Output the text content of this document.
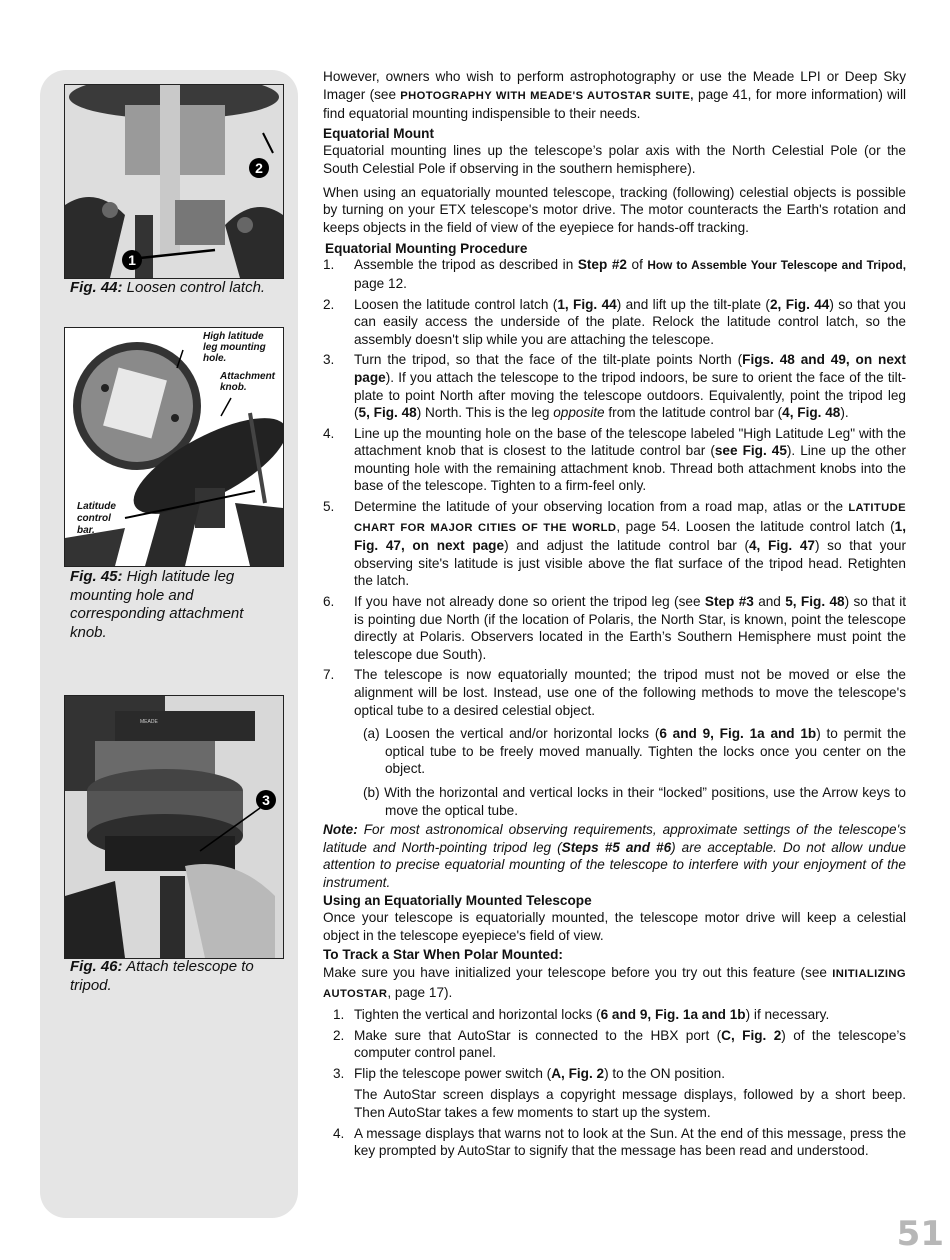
1
2
Fig. 44: Loosen control latch.
High latitude
leg mounting
hole.
Attachment
knob.
Latitude
control
bar.
Fig. 45: High latitude leg mounting hole and corresponding attachment knob.
MEADE
3
Fig. 46: Attach telescope to tripod.

However, owners who wish to perform astrophotography or use the Meade LPI or Deep Sky Imager (see PHOTOGRAPHY WITH MEADE'S AUTOSTAR SUITE, page 41, for more information) will find equatorial mounting indispensible to their needs.

Equatorial Mount

Equatorial mounting lines up the telescope’s polar axis with the North Celestial Pole (or the South Celestial Pole if observing in the southern hemisphere).

When using an equatorially mounted telescope, tracking (following) celestial objects is possible by turning on your ETX telescope's motor drive. The motor counteracts the Earth's rotation and keeps objects in the field of view of the eyepiece for hands-off tracking.

Equatorial Mounting Procedure

1. Assemble the tripod as described in Step #2 of How to Assemble Your Telescope and Tripod, page 12.
2. Loosen the latitude control latch (1, Fig. 44) and lift up the tilt-plate (2, Fig. 44) so that you can easily access the underside of the plate. Relock the latitude control latch, so the assembly doesn't slip while you are attaching the telescope.
3. Turn the tripod, so that the face of the tilt-plate points North (Figs. 48 and 49, on next page). If you attach the telescope to the tripod indoors, be sure to orient the face of the tilt-plate to point North after moving the telescope outdoors. Equivalently, point the tripod leg (5, Fig. 48) North. This is the leg opposite from the latitude control bar (4, Fig. 48).
4. Line up the mounting hole on the base of the telescope labeled "High Latitude Leg" with the attachment knob that is closest to the latitude control bar (see Fig. 45). Line up the other mounting hole with the remaining attachment knob. Thread both attachment knobs into the base of the telescope. Tighten to a firm-feel only.
5. Determine the latitude of your observing location from a road map, atlas or the LATITUDE CHART FOR MAJOR CITIES OF THE WORLD, page 54. Loosen the latitude control latch (1, Fig. 47, on next page) and adjust the latitude control bar (4, Fig. 47) so that your observing site's latitude is just visible above the flat surface of the tripod head. Retighten the latch.
6. If you have not already done so orient the tripod leg (see Step #3 and 5, Fig. 48) so that it is pointing due North (if the location of Polaris, the North Star, is known, point the telescope directly at Polaris. Observers located in the Earth’s Southern Hemisphere must point the telescope due South).
7. The telescope is now equatorially mounted; the tripod must not be moved or else the alignment will be lost. Instead, use one of the following methods to move the telescope's optical tube to a desired celestial object.

(a) Loosen the vertical and/or horizontal locks (6 and 9, Fig. 1a and 1b) to permit the optical tube to be freely moved manually. Tighten the locks once you center on the object.

(b) With the horizontal and vertical locks in their “locked” positions, use the Arrow keys to move the optical tube.

Note: For most astronomical observing requirements, approximate settings of the telescope's latitude and North-pointing tripod leg (Steps #5 and #6) are acceptable. Do not allow undue attention to precise equatorial mounting of the telescope to interfere with your enjoyment of the instrument.

Using an Equatorially Mounted Telescope

Once your telescope is equatorially mounted, the telescope motor drive will keep a celestial object in the telescope eyepiece's field of view.

To Track a Star When Polar Mounted:

Make sure you have initialized your telescope before you try out this feature (see INITIALIZING AUTOSTAR, page 17).

1. Tighten the vertical and horizontal locks (6 and 9, Fig. 1a and 1b) if necessary.
2. Make sure that AutoStar is connected to the HBX port (C, Fig. 2) of the telescope’s computer control panel.
3. Flip the telescope power switch (A, Fig. 2) to the ON position.
The AutoStar screen displays a copyright message displays, followed by a short beep. Then AutoStar takes a few moments to start up the system.
4. A message displays that warns not to look at the Sun. At the end of this message, press the key prompted by AutoStar to signify that the message has been read and understood.
51
